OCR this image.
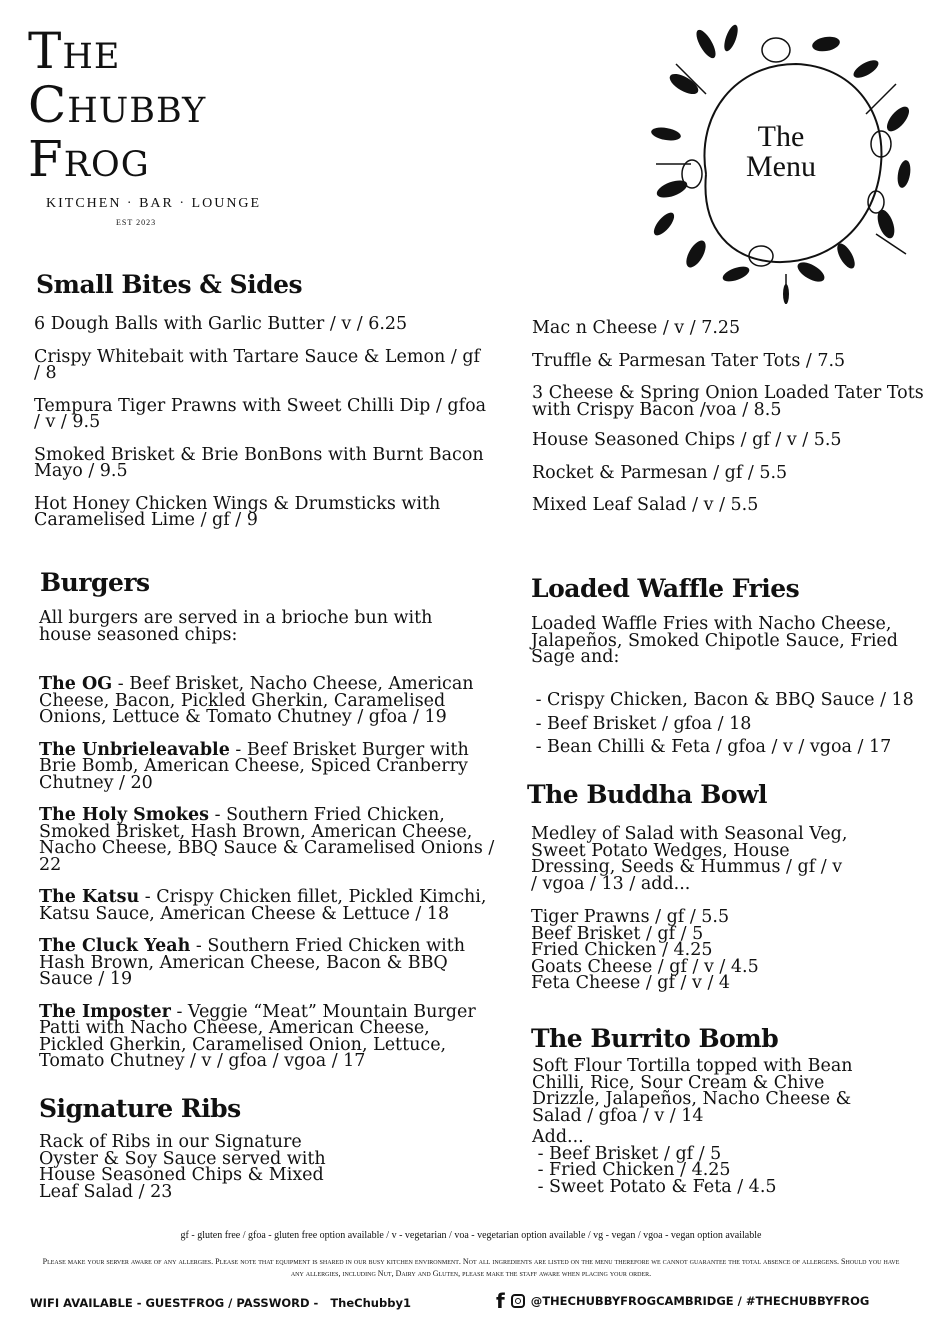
The
Chubby
Frog
KITCHEN · BAR · LOUNGE
EST 2023
The
Menu
Small Bites & Sides
6 Dough Balls with Garlic Butter / v / 6.25
Crispy Whitebait with Tartare Sauce & Lemon / gf / 8
Tempura Tiger Prawns with Sweet Chilli Dip / gfoa / v / 9.5
Smoked Brisket & Brie BonBons with Burnt Bacon Mayo / 9.5
Hot Honey Chicken Wings & Drumsticks with Caramelised Lime / gf / 9
Mac n Cheese / v / 7.25
Truffle & Parmesan Tater Tots / 7.5
3 Cheese & Spring Onion Loaded Tater Tots with Crispy Bacon /voa / 8.5
House Seasoned Chips / gf / v / 5.5
Rocket & Parmesan / gf / 5.5
Mixed Leaf Salad / v / 5.5
Burgers
All burgers are served in a brioche bun with house seasoned chips:
The OG - Beef Brisket, Nacho Cheese, American Cheese, Bacon, Pickled Gherkin, Caramelised Onions, Lettuce & Tomato Chutney / gfoa / 19
The Unbrieleavable - Beef Brisket Burger with Brie Bomb, American Cheese, Spiced Cranberry Chutney / 20
The Holy Smokes - Southern Fried Chicken, Smoked Brisket, Hash Brown, American Cheese, Nacho Cheese, BBQ Sauce & Caramelised Onions / 22
The Katsu - Crispy Chicken fillet, Pickled Kimchi, Katsu Sauce, American Cheese & Lettuce / 18
The Cluck Yeah - Southern Fried Chicken with Hash Brown, American Cheese, Bacon & BBQ Sauce / 19
The Imposter - Veggie “Meat” Mountain Burger Patti with Nacho Cheese, American Cheese, Pickled Gherkin, Caramelised Onion, Lettuce, Tomato Chutney / v / gfoa / vgoa / 17
Signature Ribs
Rack of Ribs in our Signature Oyster & Soy Sauce served with House Seasoned Chips & Mixed Leaf Salad / 23
Loaded Waffle Fries
Loaded Waffle Fries with Nacho Cheese, Jalapeños, Smoked Chipotle Sauce, Fried Sage and:
- Crispy Chicken, Bacon & BBQ Sauce / 18
- Beef Brisket / gfoa / 18
- Bean Chilli & Feta / gfoa / v / vgoa / 17
The Buddha Bowl
Medley of Salad with Seasonal Veg, Sweet Potato Wedges, House Dressing, Seeds & Hummus / gf / v / vgoa / 13 / add...
Tiger Prawns / gf / 5.5
Beef Brisket / gf / 5
Fried Chicken / 4.25
Goats Cheese / gf / v / 4.5
Feta Cheese / gf / v / 4
The Burrito Bomb
Soft Flour Tortilla topped with Bean Chilli, Rice, Sour Cream & Chive Drizzle, Jalapeños, Nacho Cheese & Salad / gfoa / v / 14
Add...
- Beef Brisket / gf / 5
- Fried Chicken / 4.25
- Sweet Potato & Feta / 4.5
gf - gluten free / gfoa - gluten free option available / v - vegetarian / voa - vegetarian option available / vg - vegan / vgoa - vegan option available
Please make your server aware of any allergies. Please note that equipment is shared in our busy kitchen environment. Not all ingredients are listed on the menu therefore we cannot guarantee the total absence of allergens. Should you have any allergies, including Nut, Dairy and Gluten, please make the staff aware when placing your order.
WIFI AVAILABLE - GUESTFROG / PASSWORD -   TheChubby1	f @THECHUBBYFROGCAMBRIDGE / #THECHUBBYFROG
